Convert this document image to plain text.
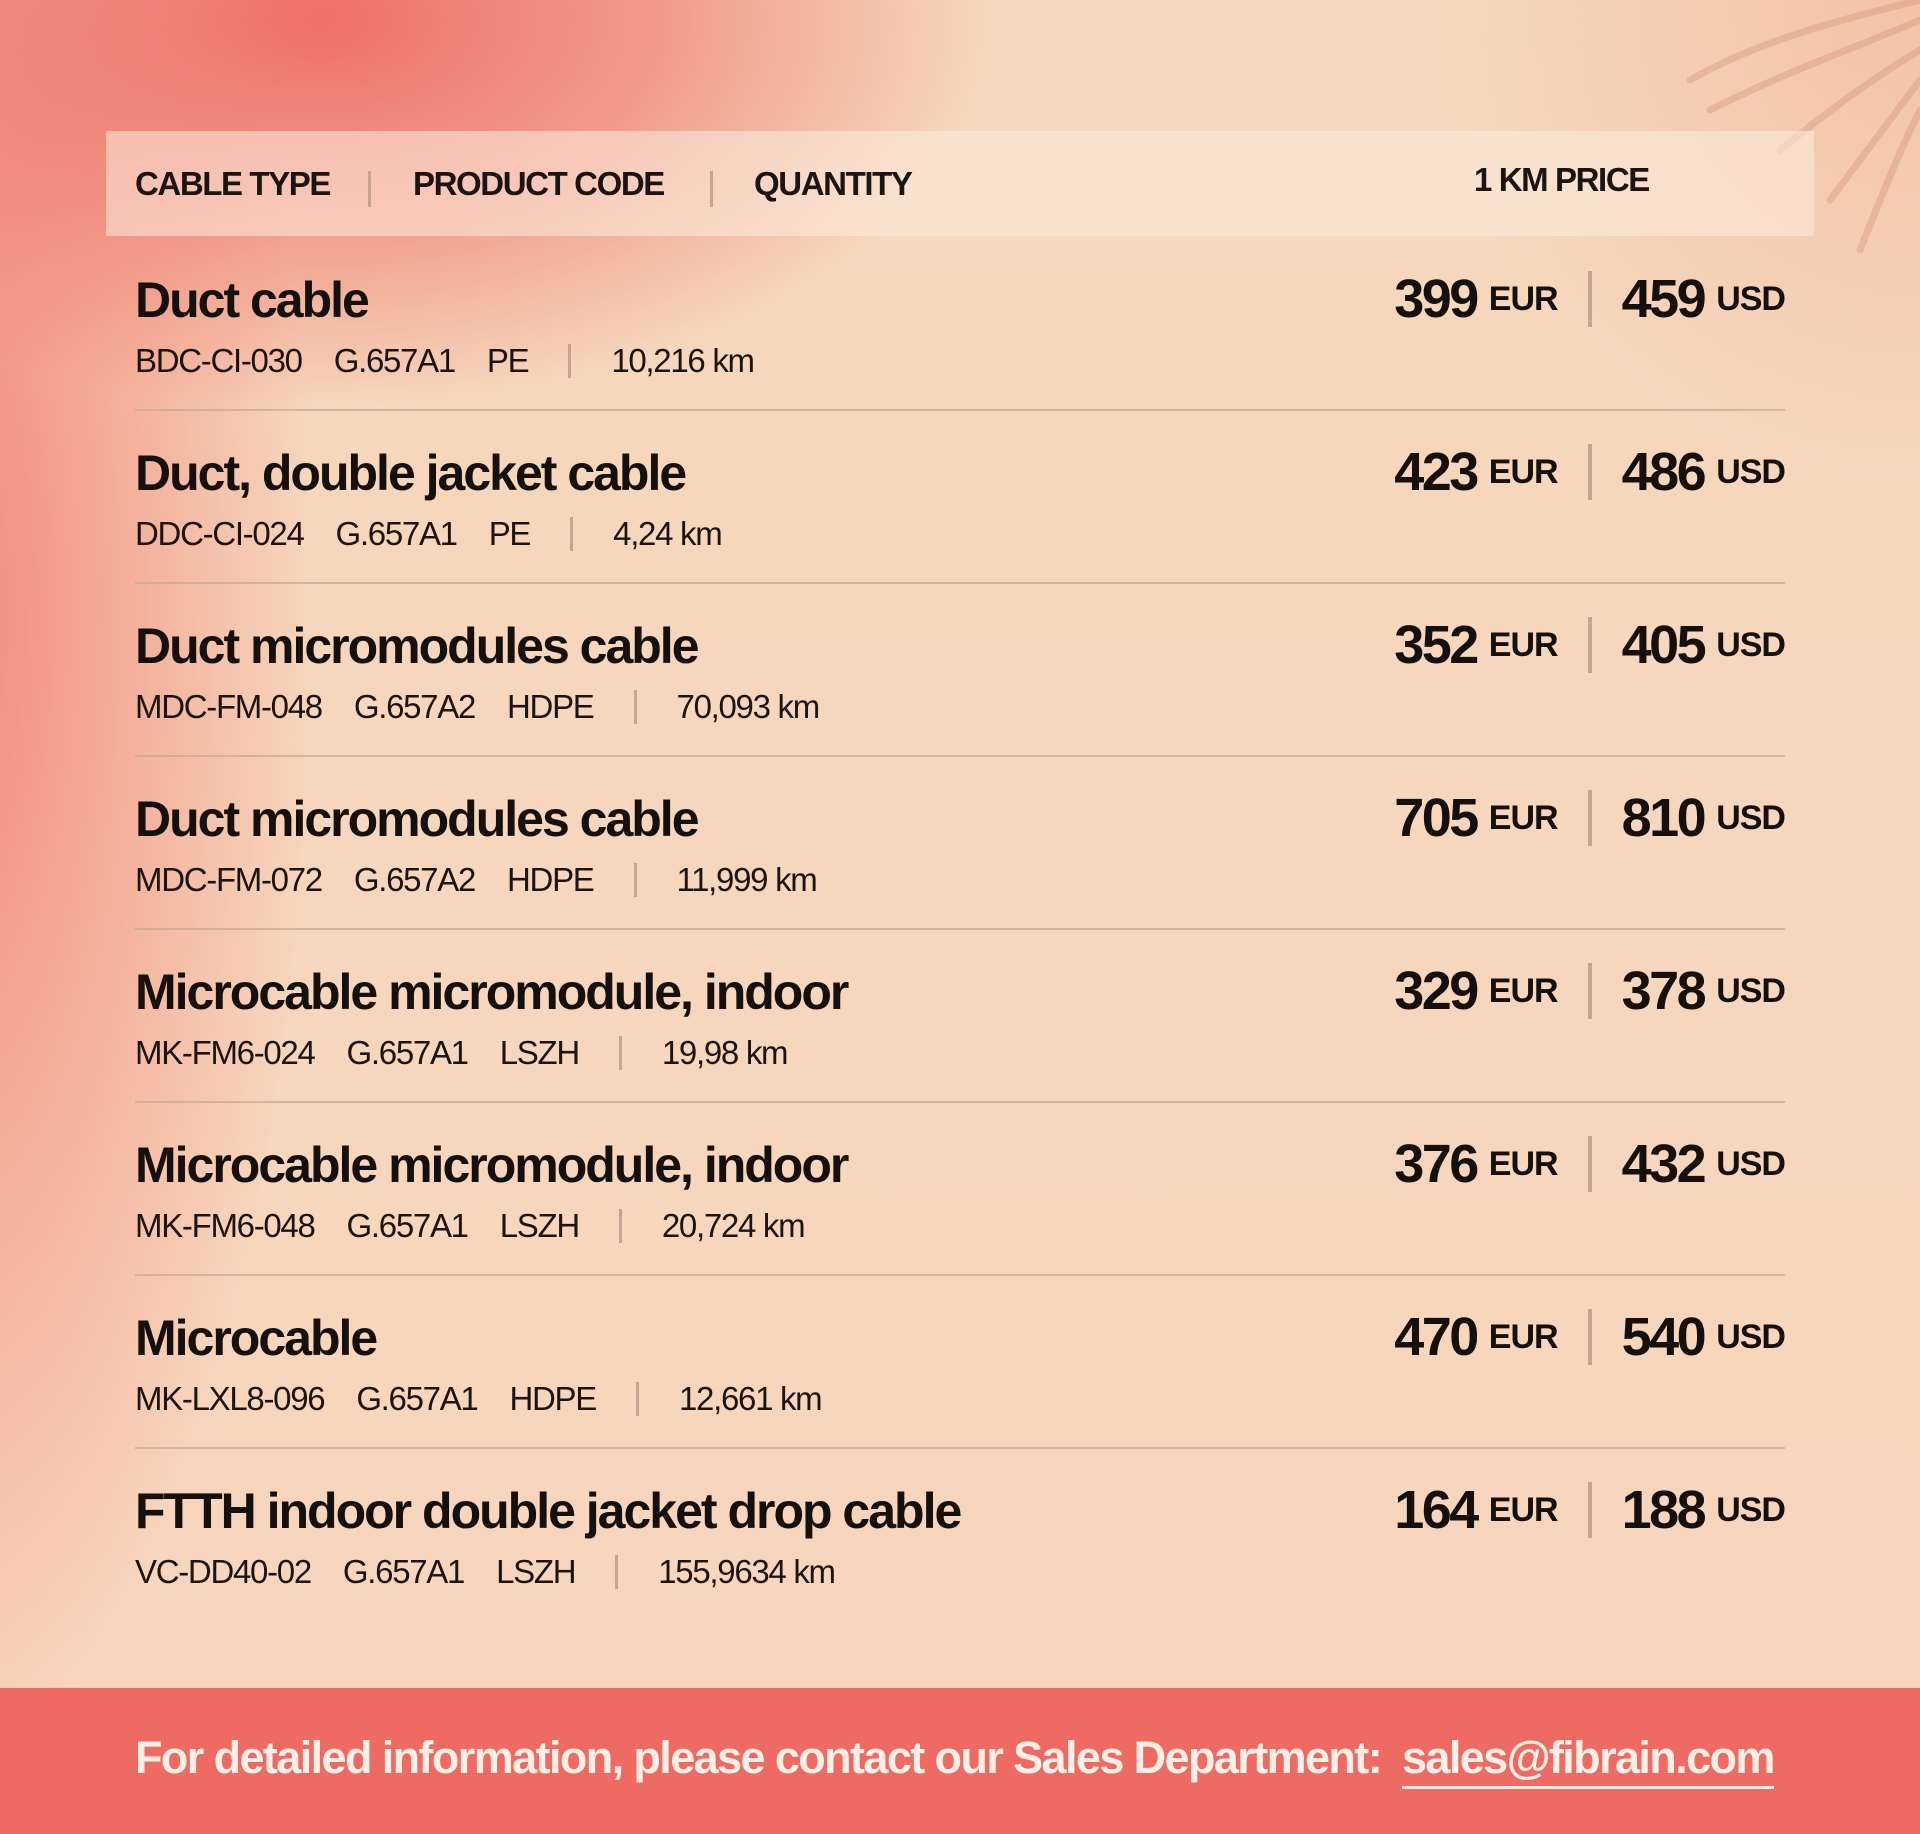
CABLE TYPE	PRODUCT CODE	QUANTITY	1 KM PRICE
Duct cable
BDC-CI-030 G.657A1 PE	10,216 km
399 EUR 459 USD
Duct, double jacket cable
DDC-CI-024 G.657A1 PE	4,24 km
423 EUR 486 USD
Duct micromodules cable
MDC-FM-048 G.657A2 HDPE	70,093 km
352 EUR 405 USD
Duct micromodules cable
MDC-FM-072 G.657A2 HDPE	11,999 km
705 EUR 810 USD
Microcable micromodule, indoor
MK-FM6-024 G.657A1 LSZH	19,98 km
329 EUR 378 USD
Microcable micromodule, indoor
MK-FM6-048 G.657A1 LSZH	20,724 km
376 EUR 432 USD
Microcable
MK-LXL8-096 G.657A1 HDPE	12,661 km
470 EUR 540 USD
FTTH indoor double jacket drop cable
VC-DD40-02 G.657A1 LSZH	155,9634 km
164 EUR 188 USD
For detailed information, please contact our Sales Department: sales@fibrain.com
